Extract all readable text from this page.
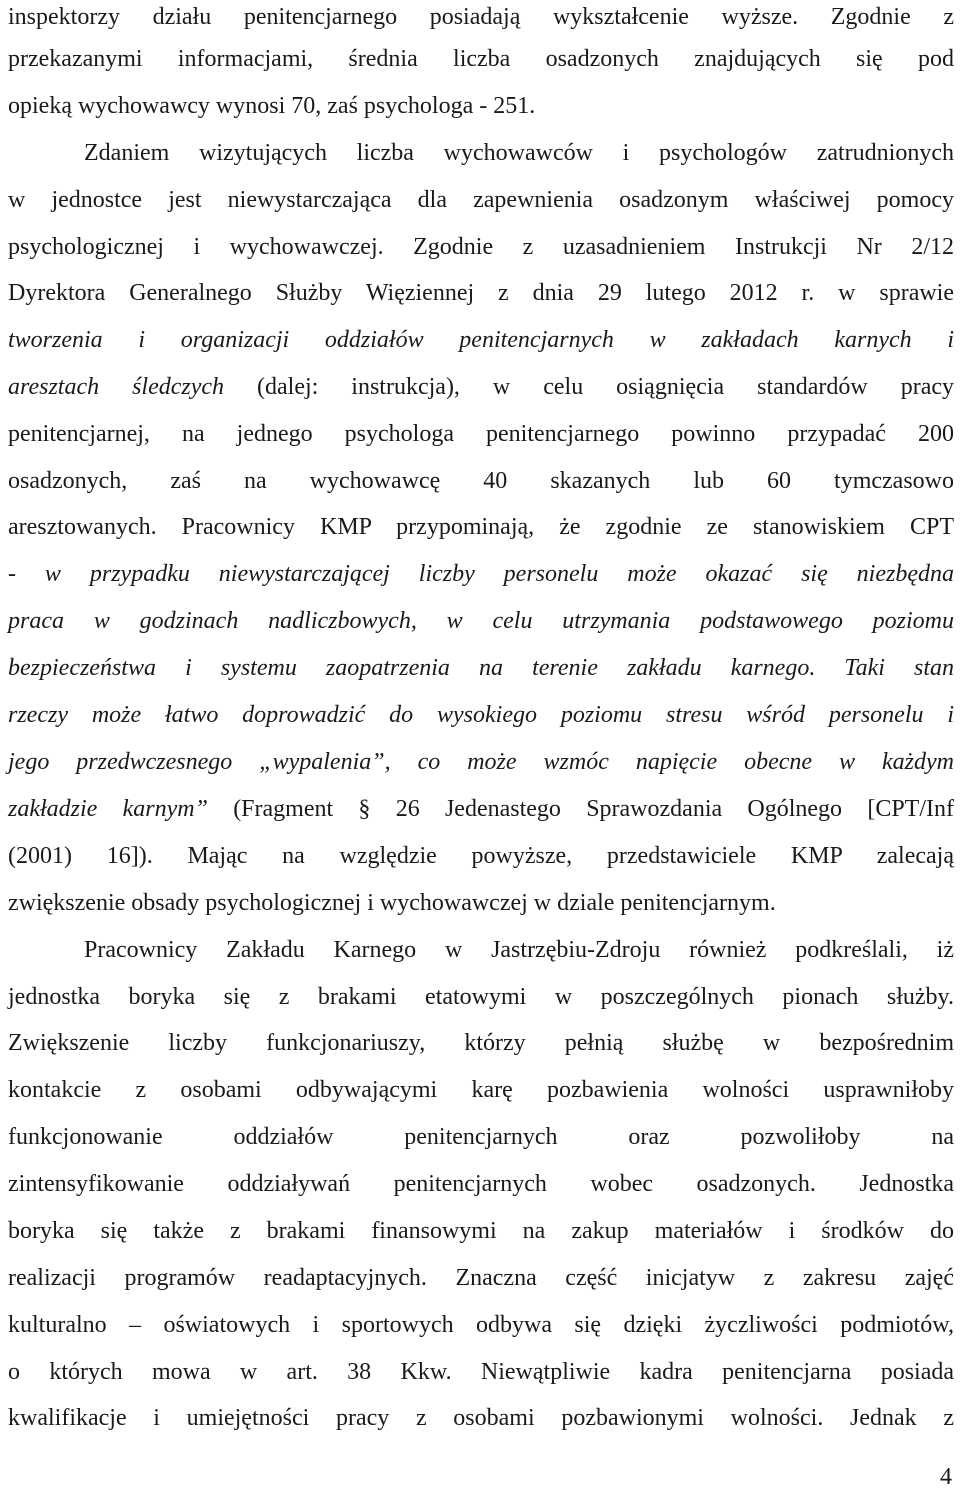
inspektorzy działu penitencjarnego posiadają wykształcenie wyższe. Zgodnie z
przekazanymi informacjami, średnia liczba osadzonych znajdujących się pod
opieką wychowawcy wynosi 70, zaś psychologa - 251.
Zdaniem wizytujących liczba wychowawców i psychologów zatrudnionych
w jednostce jest niewystarczająca dla zapewnienia osadzonym właściwej pomocy
psychologicznej i wychowawczej. Zgodnie z uzasadnieniem Instrukcji Nr 2/12
Dyrektora Generalnego Służby Więziennej z dnia 29 lutego 2012 r. w sprawie
tworzenia i organizacji oddziałów penitencjarnych w zakładach karnych i
aresztach śledczych (dalej: instrukcja), w celu osiągnięcia standardów pracy
penitencjarnej, na jednego psychologa penitencjarnego powinno przypadać 200
osadzonych, zaś na wychowawcę 40 skazanych lub 60 tymczasowo
aresztowanych. Pracownicy KMP przypominają, że zgodnie ze stanowiskiem CPT
- w przypadku niewystarczającej liczby personelu może okazać się niezbędna
praca w godzinach nadliczbowych, w celu utrzymania podstawowego poziomu
bezpieczeństwa i systemu zaopatrzenia na terenie zakładu karnego. Taki stan
rzeczy może łatwo doprowadzić do wysokiego poziomu stresu wśród personelu i
jego przedwczesnego „wypalenia”, co może wzmóc napięcie obecne w każdym
zakładzie karnym” (Fragment § 26 Jedenastego Sprawozdania Ogólnego [CPT/Inf
(2001) 16]). Mając na względzie powyższe, przedstawiciele KMP zalecają
zwiększenie obsady psychologicznej i wychowawczej w dziale penitencjarnym.
Pracownicy Zakładu Karnego w Jastrzębiu-Zdroju również podkreślali, iż
jednostka boryka się z brakami etatowymi w poszczególnych pionach służby.
Zwiększenie liczby funkcjonariuszy, którzy pełnią służbę w bezpośrednim
kontakcie z osobami odbywającymi karę pozbawienia wolności usprawniłoby
funkcjonowanie oddziałów penitencjarnych oraz pozwoliłoby na
zintensyfikowanie oddziaływań penitencjarnych wobec osadzonych. Jednostka
boryka się także z brakami finansowymi na zakup materiałów i środków do
realizacji programów readaptacyjnych. Znaczna część inicjatyw z zakresu zajęć
kulturalno – oświatowych i sportowych odbywa się dzięki życzliwości podmiotów,
o których mowa w art. 38 Kkw. Niewątpliwie kadra penitencjarna posiada
kwalifikacje i umiejętności pracy z osobami pozbawionymi wolności. Jednak z
4
